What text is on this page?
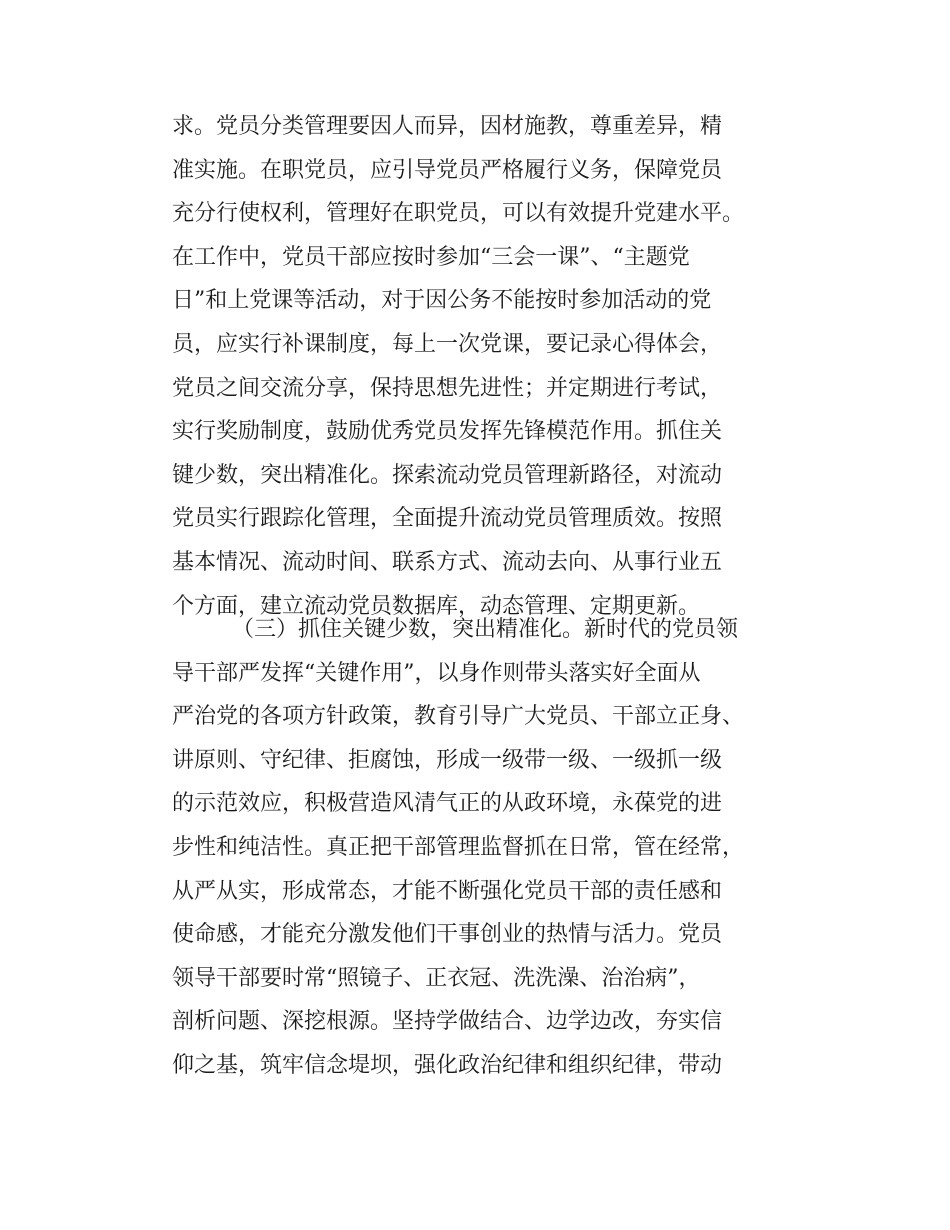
求。党员分类管理要因人而异，因材施教，尊重差异，精
准实施。在职党员，应引导党员严格履行义务，保障党员
充分行使权利，管理好在职党员，可以有效提升党建水平。
在工作中，党员干部应按时参加“三会一课”、“主题党
日”和上党课等活动，对于因公务不能按时参加活动的党
员，应实行补课制度，每上一次党课，要记录心得体会，
党员之间交流分享，保持思想先进性；并定期进行考试，
实行奖励制度，鼓励优秀党员发挥先锋模范作用。抓住关
键少数，突出精准化。探索流动党员管理新路径，对流动
党员实行跟踪化管理，全面提升流动党员管理质效。按照
基本情况、流动时间、联系方式、流动去向、从事行业五
个方面，建立流动党员数据库，动态管理、定期更新。
（三）抓住关键少数，突出精准化。新时代的党员领
导干部严发挥“关键作用”，以身作则带头落实好全面从
严治党的各项方针政策，教育引导广大党员、干部立正身、
讲原则、守纪律、拒腐蚀，形成一级带一级、一级抓一级
的示范效应，积极营造风清气正的从政环境，永葆党的进
步性和纯洁性。真正把干部管理监督抓在日常，管在经常，
从严从实，形成常态，才能不断强化党员干部的责任感和
使命感，才能充分激发他们干事创业的热情与活力。党员
领导干部要时常“照镜子、正衣冠、洗洗澡、治治病”，
剖析问题、深挖根源。坚持学做结合、边学边改，夯实信
仰之基，筑牢信念堤坝，强化政治纪律和组织纪律，带动
